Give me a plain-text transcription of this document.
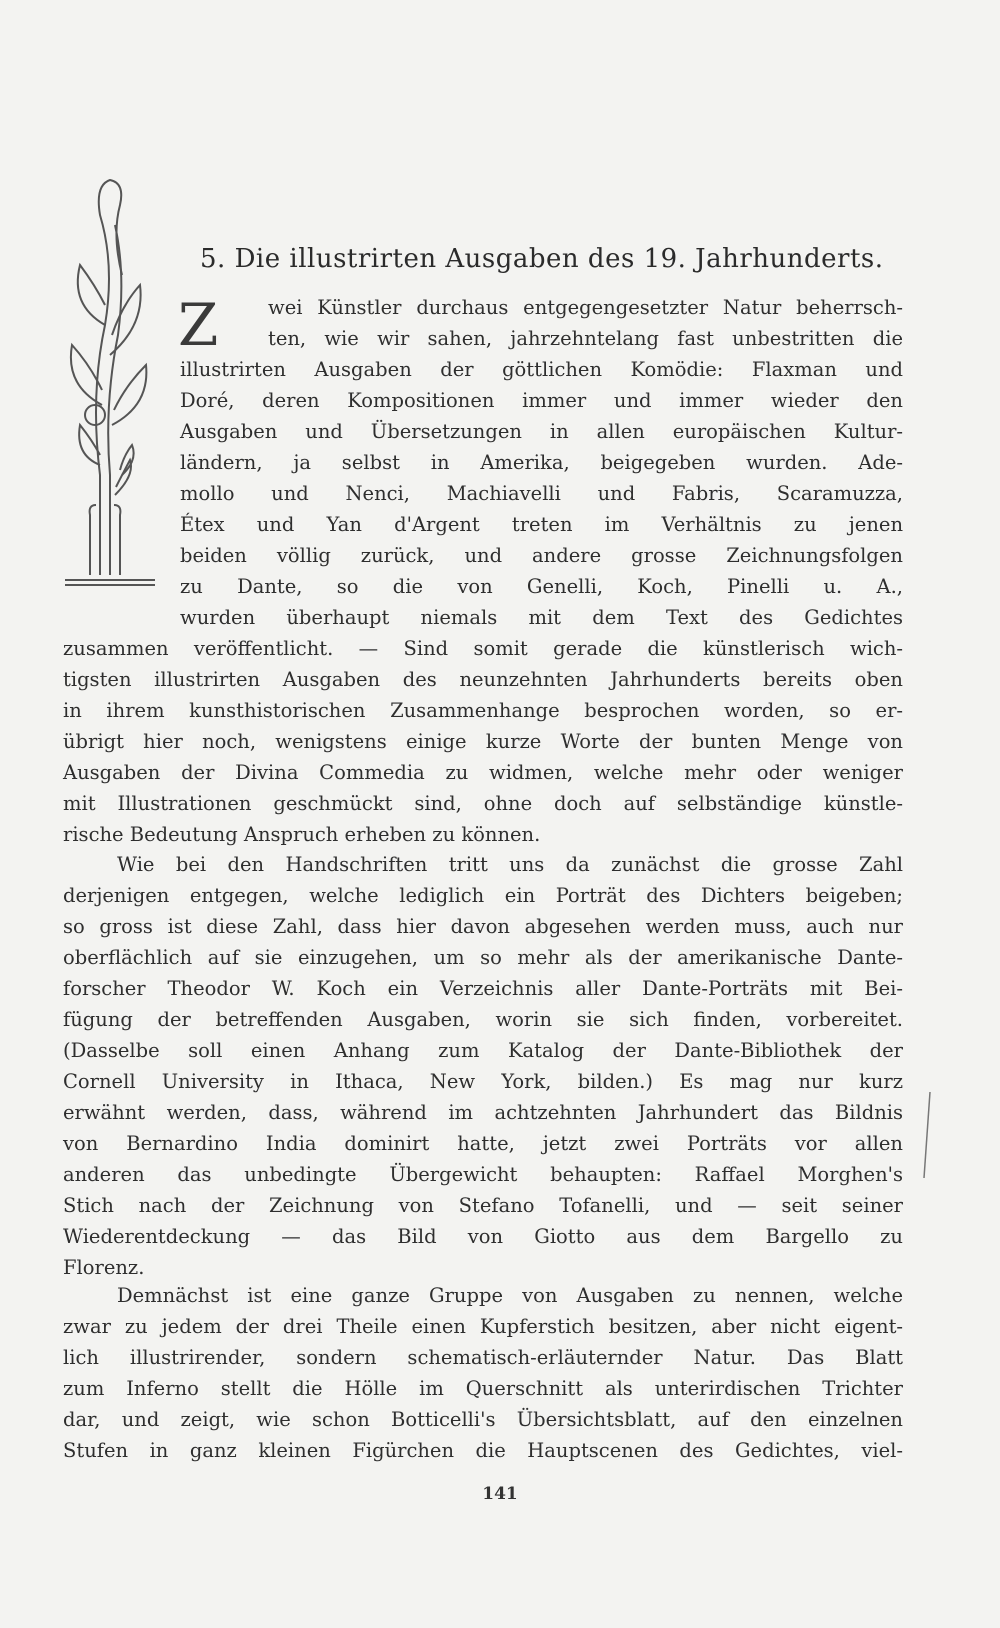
5. Die illustrirten Ausgaben des 19. Jahrhunderts.
Z	wei Künstler durchaus entgegengesetzter Natur beherrsch-
ten, wie wir sahen, jahrzehntelang fast unbestritten die
illustrirten Ausgaben der göttlichen Komödie: Flaxman und
Doré, deren Kompositionen immer und immer wieder den
Ausgaben und Übersetzungen in allen europäischen Kultur-
ländern, ja selbst in Amerika, beigegeben wurden. Ade-
mollo und Nenci, Machiavelli und Fabris, Scaramuzza,
Étex und Yan d'Argent treten im Verhältnis zu jenen
beiden völlig zurück, und andere grosse Zeichnungsfolgen
zu Dante, so die von Genelli, Koch, Pinelli u. A.,
wurden überhaupt niemals mit dem Text des Gedichtes
zusammen veröffentlicht. — Sind somit gerade die künstlerisch wich-
tigsten illustrirten Ausgaben des neunzehnten Jahrhunderts bereits oben
in ihrem kunsthistorischen Zusammenhange besprochen worden, so er-
übrigt hier noch, wenigstens einige kurze Worte der bunten Menge von
Ausgaben der Divina Commedia zu widmen, welche mehr oder weniger
mit Illustrationen geschmückt sind, ohne doch auf selbständige künstle-
rische Bedeutung Anspruch erheben zu können.
Wie bei den Handschriften tritt uns da zunächst die grosse Zahl
derjenigen entgegen, welche lediglich ein Porträt des Dichters beigeben;
so gross ist diese Zahl, dass hier davon abgesehen werden muss, auch nur
oberflächlich auf sie einzugehen, um so mehr als der amerikanische Dante-
forscher Theodor W. Koch ein Verzeichnis aller Dante-Porträts mit Bei-
fügung der betreffenden Ausgaben, worin sie sich finden, vorbereitet.
(Dasselbe soll einen Anhang zum Katalog der Dante-Bibliothek der
Cornell University in Ithaca, New York, bilden.) Es mag nur kurz
erwähnt werden, dass, während im achtzehnten Jahrhundert das Bildnis
von Bernardino India dominirt hatte, jetzt zwei Porträts vor allen
anderen das unbedingte Übergewicht behaupten: Raffael Morghen's
Stich nach der Zeichnung von Stefano Tofanelli, und — seit seiner
Wiederentdeckung — das Bild von Giotto aus dem Bargello zu
Florenz.
Demnächst ist eine ganze Gruppe von Ausgaben zu nennen, welche
zwar zu jedem der drei Theile einen Kupferstich besitzen, aber nicht eigent-
lich illustrirender, sondern schematisch-erläuternder Natur. Das Blatt
zum Inferno stellt die Hölle im Querschnitt als unterirdischen Trichter
dar, und zeigt, wie schon Botticelli's Übersichtsblatt, auf den einzelnen
Stufen in ganz kleinen Figürchen die Hauptscenen des Gedichtes, viel-
141
